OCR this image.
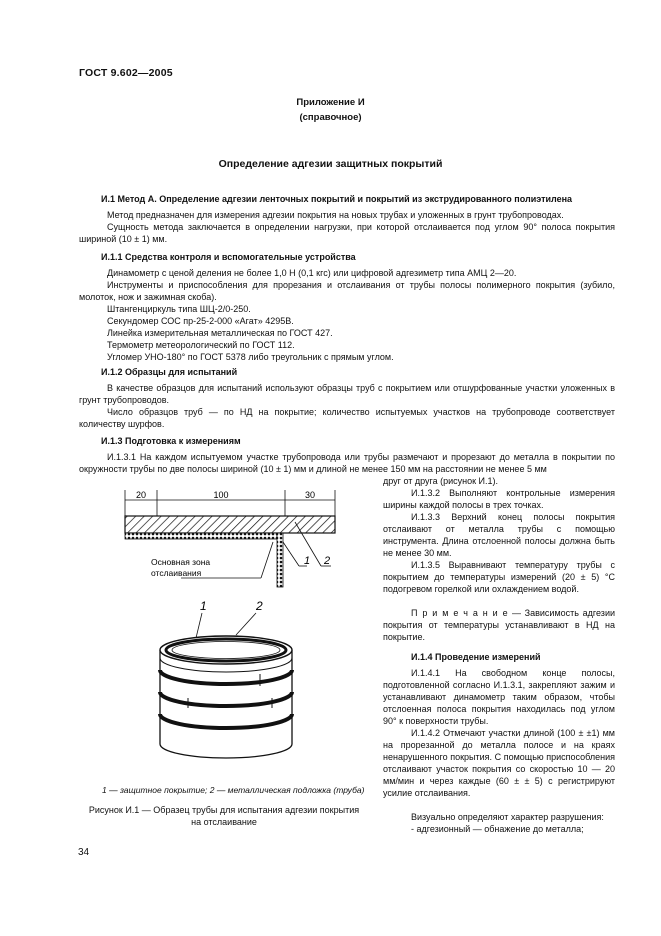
ГОСТ 9.602—2005
Приложение И
(справочное)
Определение адгезии защитных покрытий
И.1 Метод А. Определение адгезии ленточных покрытий и покрытий из экструдированного полиэтилена
Метод предназначен для измерения адгезии покрытия на новых трубах и уложенных в грунт трубопроводах.
Сущность метода заключается в определении нагрузки, при которой отслаивается под углом 90° полоса покрытия шириной (10 ± 1) мм.
И.1.1 Средства контроля и вспомогательные устройства
Динамометр с ценой деления не более 1,0 Н (0,1 кгс) или цифровой адгезиметр типа АМЦ 2—20.
Инструменты и приспособления для прорезания и отслаивания от трубы полосы полимерного покрытия (зубило, молоток, нож и зажимная скоба).
Штангенциркуль типа ШЦ-2/0-250.
Секундомер СОС пр-25-2-000 «Агат» 4295В.
Линейка измерительная металлическая по ГОСТ 427.
Термометр метеорологический по ГОСТ 112.
Угломер УНО-180° по ГОСТ 5378 либо треугольник с прямым углом.
И.1.2 Образцы для испытаний
В качестве образцов для испытаний используют образцы труб с покрытием или отшурфованные участки уложенных в грунт трубопроводов.
Число образцов труб — по НД на покрытие; количество испытуемых участков на трубопроводе соответствует количеству шурфов.
И.1.3 Подготовка к измерениям
И.1.3.1 На каждом испытуемом участке трубопровода или трубы размечают и прорезают до металла в покрытии по окружности трубы по две полосы шириной (10 ± 1) мм и длиной не менее 150 мм на расстоянии не менее 5 мм
друг от друга (рисунок И.1).
И.1.3.2 Выполняют контрольные измерения ширины каждой полосы в трех точках.
И.1.3.3 Верхний конец полосы покрытия отслаивают от металла трубы с помощью инструмента. Длина отслоенной полосы должна быть не менее 30 мм.
И.1.3.5 Выравнивают температуру трубы с покрытием до температуры измерений (20 ± 5) °С подогревом горелкой или охлаждением водой.
П р и м е ч а н и е — Зависимость адгезии покрытия от температуры устанавливают в НД на покрытие.
И.1.4 Проведение измерений
И.1.4.1 На свободном конце полосы, подготовленной согласно И.1.3.1, закрепляют зажим и устанавливают динамометр таким образом, чтобы отслоенная полоса покрытия находилась под углом 90° к поверхности трубы.
И.1.4.2 Отмечают участки длиной (100 ± ±1) мм на прорезанной до металла полосе и на краях ненарушенного покрытия. С помощью приспособления отслаивают участок покрытия со скоростью 10 — 20 мм/мин и через каждые (60 ± ± 5) с регистрируют усилие отслаивания.
Визуально определяют характер разрушения:
- адгезионный — обнажение до металла;
20	100	30
1 2
Основная зона
отслаивания
1	2
1 — защитное покрытие; 2 — металлическая подложка (труба)
Рисунок И.1 — Образец трубы для испытания адгезии покрытия
на отслаивание
34
